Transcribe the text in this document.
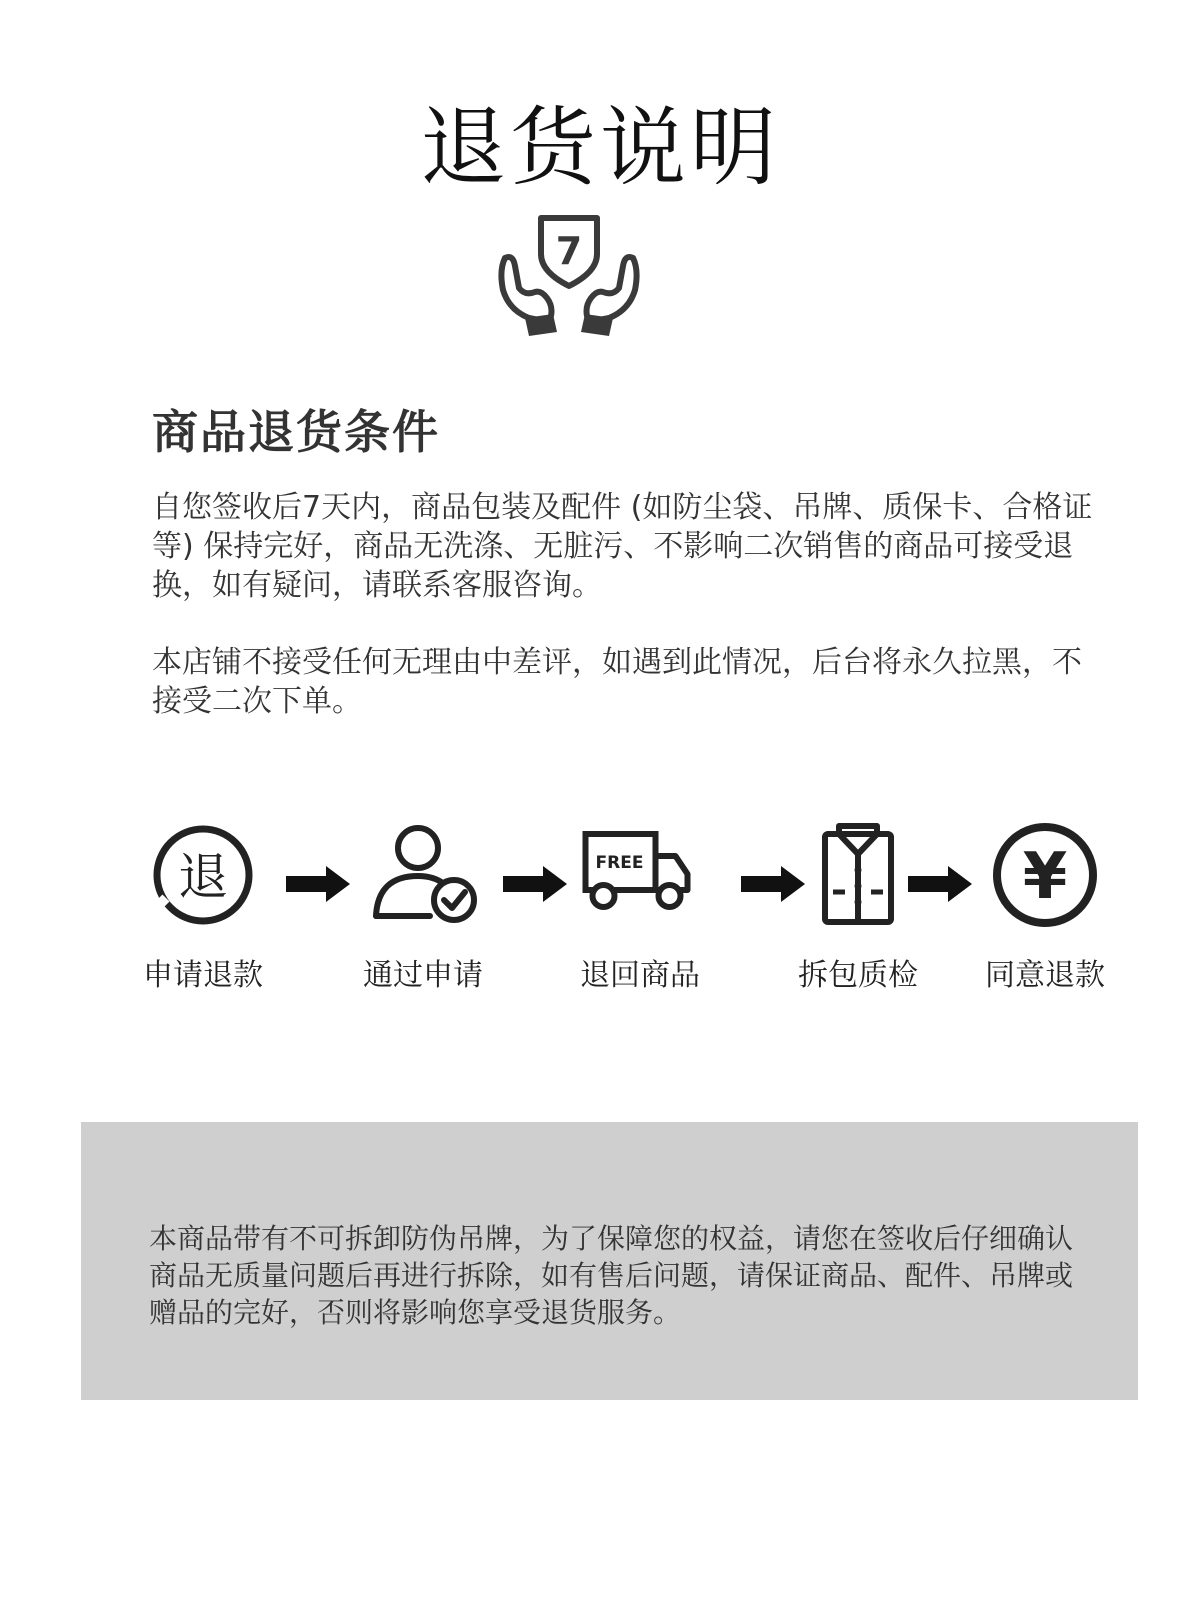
退货说明
7
商品退货条件

自您签收后7天内，商品包装及配件 (如防尘袋、吊牌、质保卡、合格证等) 保持完好，商品无洗涤、无脏污、不影响二次销售的商品可接受退换，如有疑问，请联系客服咨询。

本店铺不接受任何无理由中差评，如遇到此情况，后台将永久拉黑，不接受二次下单。

退
申请退款	通过申请
FREE
退回商品	拆包质检
¥
同意退款

本商品带有不可拆卸防伪吊牌，为了保障您的权益，请您在签收后仔细确认商品无质量问题后再进行拆除，如有售后问题，请保证商品、配件、吊牌或赠品的完好，否则将影响您享受退货服务。
